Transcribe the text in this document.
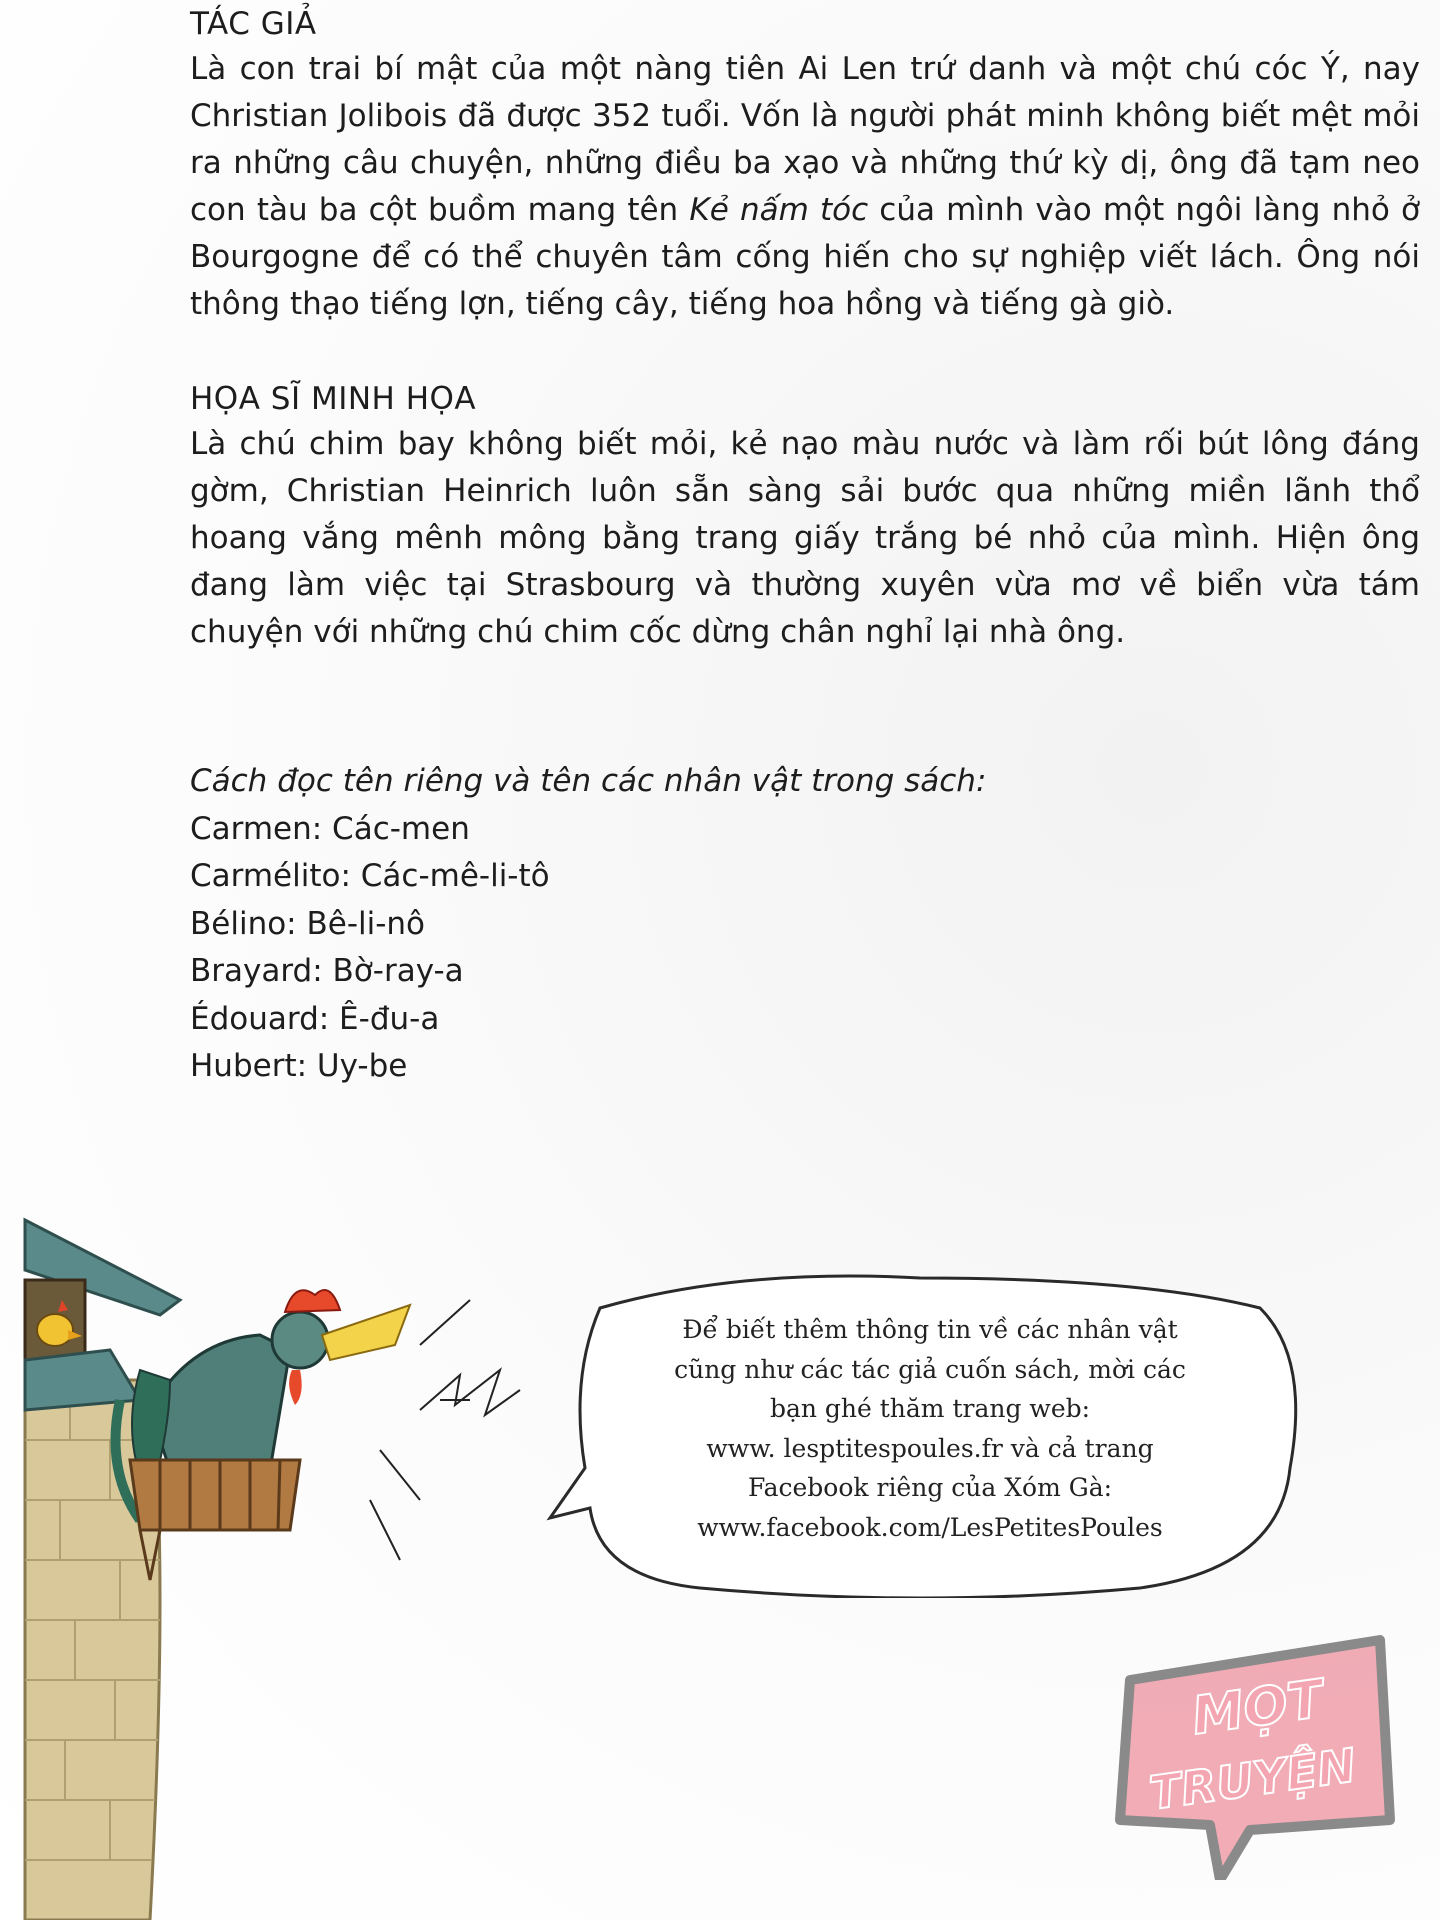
TÁC GIẢ

Là con trai bí mật của một nàng tiên Ai Len trứ danh và một chú cóc Ý, nay Christian Jolibois đã được 352 tuổi. Vốn là người phát minh không biết mệt mỏi ra những câu chuyện, những điều ba xạo và những thứ kỳ dị, ông đã tạm neo con tàu ba cột buồm mang tên Kẻ nấm tóc của mình vào một ngôi làng nhỏ ở Bourgogne để có thể chuyên tâm cống hiến cho sự nghiệp viết lách. Ông nói thông thạo tiếng lợn, tiếng cây, tiếng hoa hồng và tiếng gà giò.

HỌA SĨ MINH HỌA

Là chú chim bay không biết mỏi, kẻ nạo màu nước và làm rối bút lông đáng gờm, Christian Heinrich luôn sẵn sàng sải bước qua những miền lãnh thổ hoang vắng mênh mông bằng trang giấy trắng bé nhỏ của mình. Hiện ông đang làm việc tại Strasbourg và thường xuyên vừa mơ về biển vừa tám chuyện với những chú chim cốc dừng chân nghỉ lại nhà ông.

Cách đọc tên riêng và tên các nhân vật trong sách:
Carmen: Các-men
Carmélito: Các-mê-li-tô
Bélino: Bê-li-nô
Brayard: Bờ-ray-a
Édouard: Ê-đu-a
Hubert: Uy-be
Để biết thêm thông tin về các nhân vật
cũng như các tác giả cuốn sách, mời các
bạn ghé thăm trang web:
www. lesptitespoules.fr và cả trang
Facebook riêng của Xóm Gà:
www.facebook.com/LesPetitesPoules
MỌT
TRUYỆN
